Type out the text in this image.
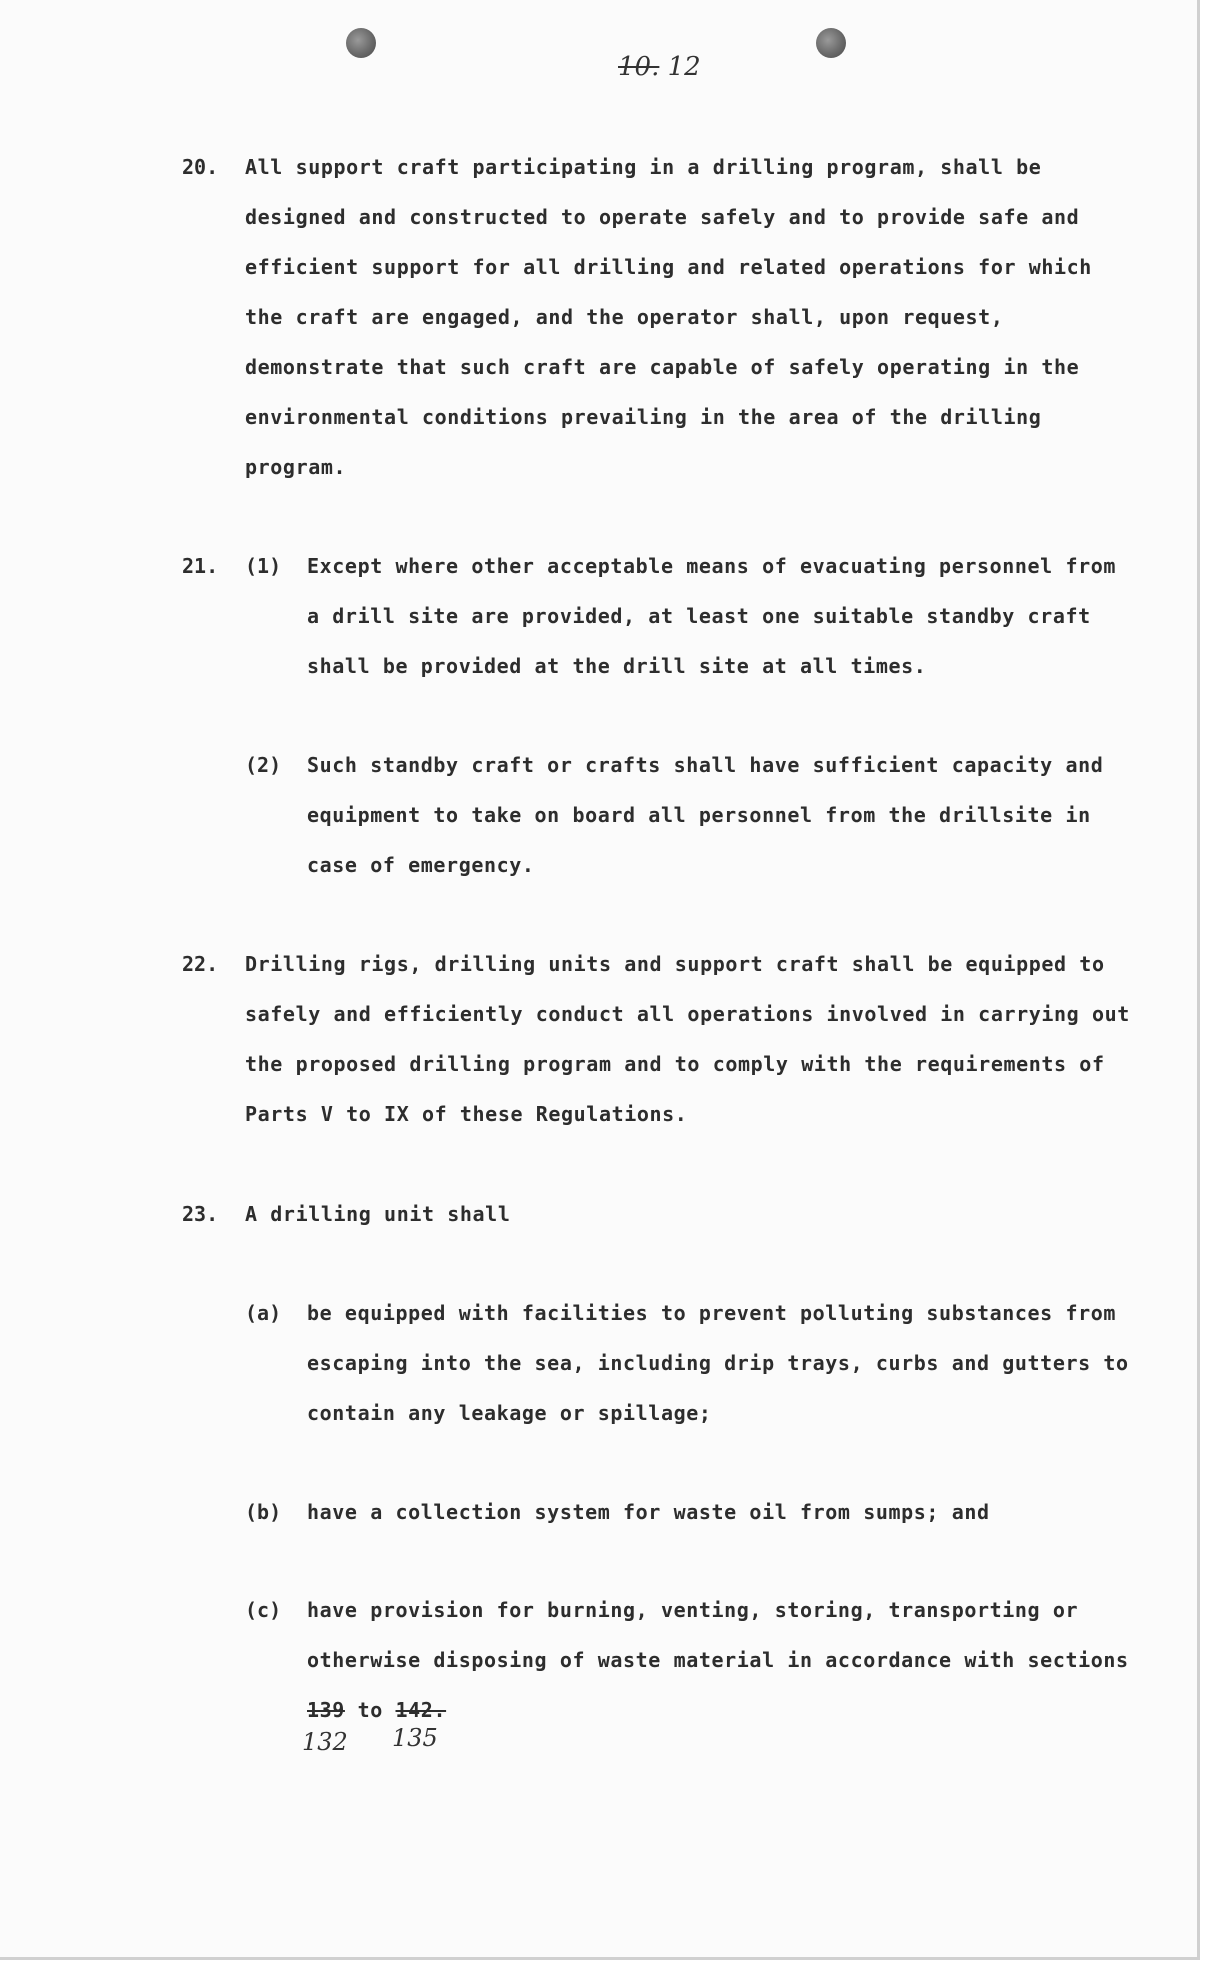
10. 12
20. All support craft participating in a drilling program, shall be
designed and constructed to operate safely and to provide safe and
efficient support for all drilling and related operations for which
the craft are engaged, and the operator shall, upon request,
demonstrate that such craft are capable of safely operating in the
environmental conditions prevailing in the area of the drilling
program.
21. (1) Except where other acceptable means of evacuating personnel from
a drill site are provided, at least one suitable standby craft
shall be provided at the drill site at all times.
(2) Such standby craft or crafts shall have sufficient capacity and
equipment to take on board all personnel from the drillsite in
case of emergency.
22. Drilling rigs, drilling units and support craft shall be equipped to
safely and efficiently conduct all operations involved in carrying out
the proposed drilling program and to comply with the requirements of
Parts V to IX of these Regulations.
23. A drilling unit shall
(a) be equipped with facilities to prevent polluting substances from
escaping into the sea, including drip trays, curbs and gutters to
contain any leakage or spillage;
(b) have a collection system for waste oil from sumps; and
(c) have provision for burning, venting, storing, transporting or
otherwise disposing of waste material in accordance with sections
139 to 142.
132 135
